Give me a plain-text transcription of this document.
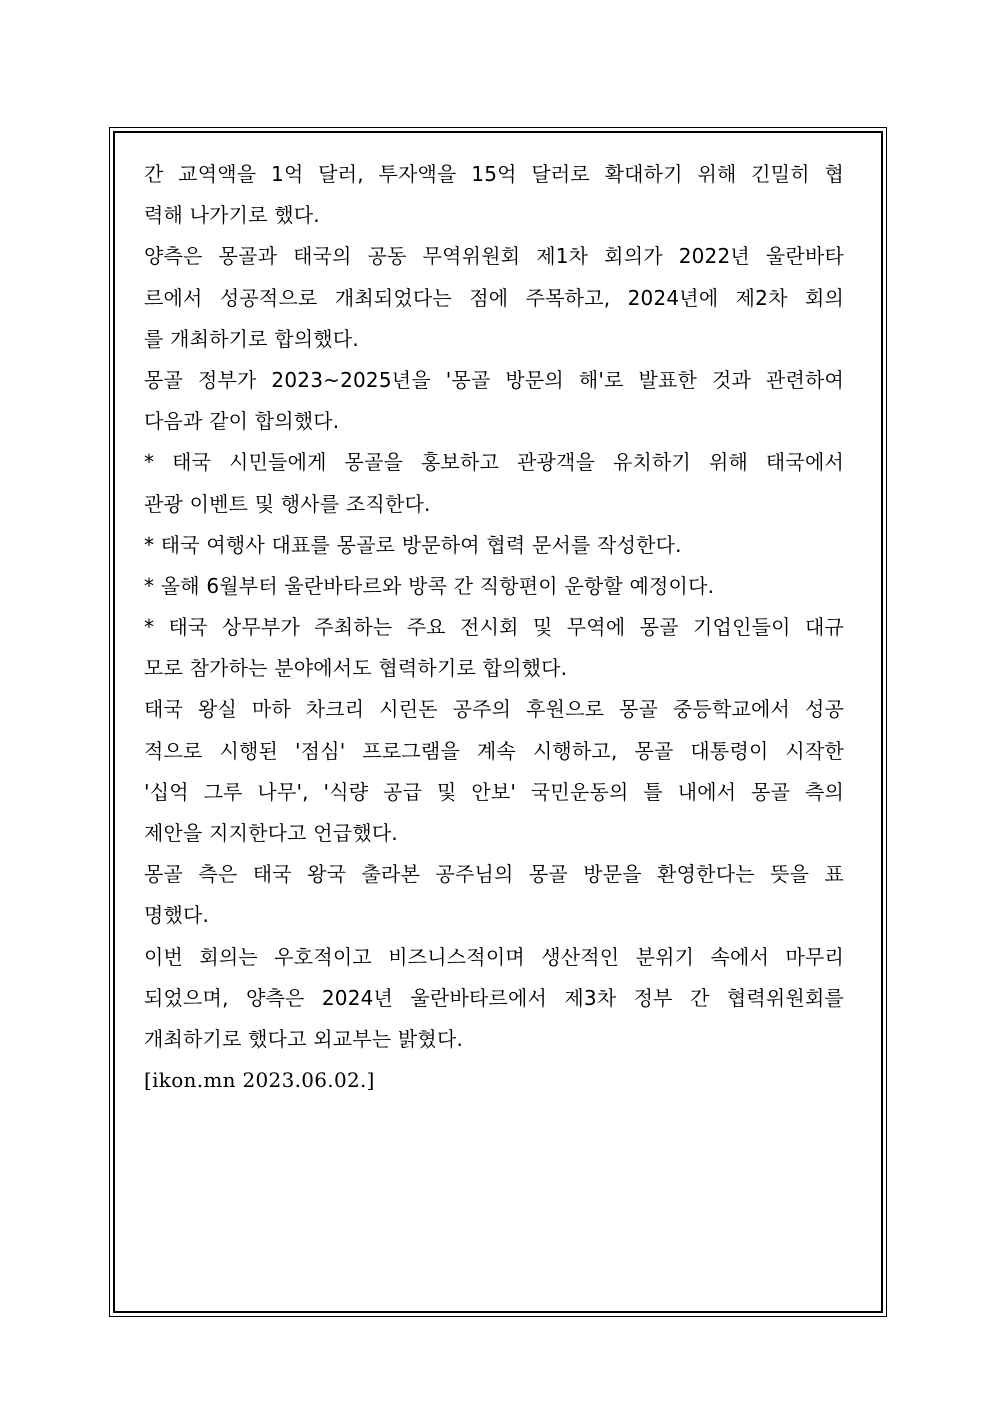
간 교역액을 1억 달러, 투자액을 15억 달러로 확대하기 위해 긴밀히 협
력해 나가기로 했다.

양측은 몽골과 태국의 공동 무역위원회 제1차 회의가 2022년 울란바타
르에서 성공적으로 개최되었다는 점에 주목하고, 2024년에 제2차 회의
를 개최하기로 합의했다.

몽골 정부가 2023~2025년을 '몽골 방문의 해'로 발표한 것과 관련하여
다음과 같이 합의했다.

* 태국 시민들에게 몽골을 홍보하고 관광객을 유치하기 위해 태국에서
관광 이벤트 및 행사를 조직한다.

* 태국 여행사 대표를 몽골로 방문하여 협력 문서를 작성한다.

* 올해 6월부터 울란바타르와 방콕 간 직항편이 운항할 예정이다.

* 태국 상무부가 주최하는 주요 전시회 및 무역에 몽골 기업인들이 대규
모로 참가하는 분야에서도 협력하기로 합의했다.

태국 왕실 마하 차크리 시린돈 공주의 후원으로 몽골 중등학교에서 성공
적으로 시행된 '점심' 프로그램을 계속 시행하고, 몽골 대통령이 시작한
'십억 그루 나무', '식량 공급 및 안보' 국민운동의 틀 내에서 몽골 측의
제안을 지지한다고 언급했다.

몽골 측은 태국 왕국 출라본 공주님의 몽골 방문을 환영한다는 뜻을 표
명했다.

이번 회의는 우호적이고 비즈니스적이며 생산적인 분위기 속에서 마무리
되었으며, 양측은 2024년 울란바타르에서 제3차 정부 간 협력위원회를
개최하기로 했다고 외교부는 밝혔다.

[ikon.mn 2023.06.02.]
